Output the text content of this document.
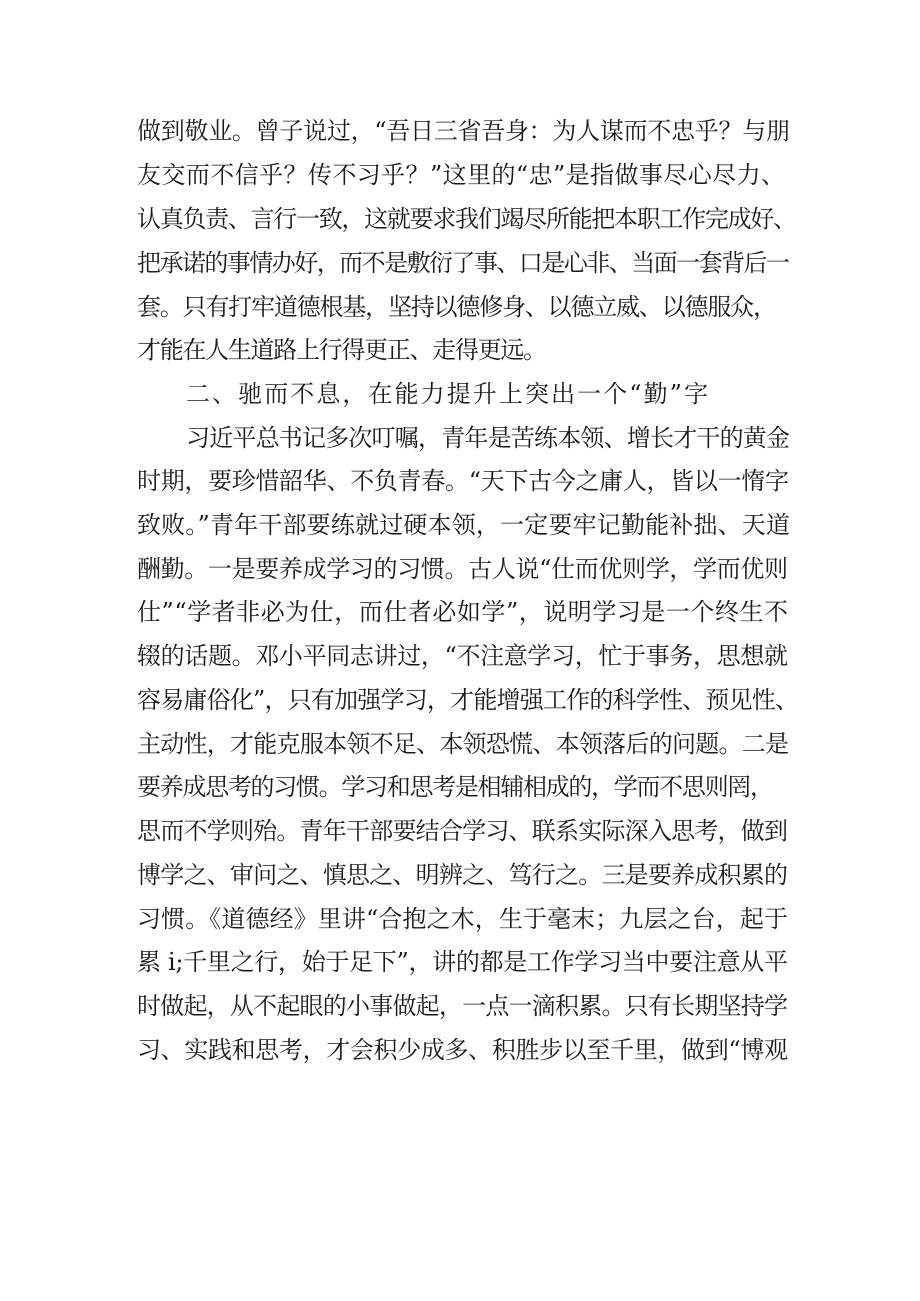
做到敬业。曾子说过，“吾日三省吾身：为人谋而不忠乎？与朋
友交而不信乎？传不习乎？”这里的“忠”是指做事尽心尽力、
认真负责、言行一致，这就要求我们竭尽所能把本职工作完成好、
把承诺的事情办好，而不是敷衍了事、口是心非、当面一套背后一
套。只有打牢道德根基，坚持以德修身、以德立威、以德服众，
才能在人生道路上行得更正、走得更远。
二、驰而不息，在能力提升上突出一个“勤”字
习近平总书记多次叮嘱，青年是苦练本领、增长才干的黄金
时期，要珍惜韶华、不负青春。“天下古今之庸人，皆以一惰字
致败。”青年干部要练就过硬本领，一定要牢记勤能补拙、天道
酬勤。一是要养成学习的习惯。古人说“仕而优则学，学而优则
仕”“学者非必为仕，而仕者必如学”，说明学习是一个终生不
辍的话题。邓小平同志讲过，“不注意学习，忙于事务，思想就
容易庸俗化”，只有加强学习，才能增强工作的科学性、预见性、
主动性，才能克服本领不足、本领恐慌、本领落后的问题。二是
要养成思考的习惯。学习和思考是相辅相成的，学而不思则罔，
思而不学则殆。青年干部要结合学习、联系实际深入思考，做到
博学之、审问之、慎思之、明辨之、笃行之。三是要养成积累的
习惯。《道德经》里讲“合抱之木，生于毫末；九层之台，起于
累 i;千里之行，始于足下”，讲的都是工作学习当中要注意从平
时做起，从不起眼的小事做起，一点一滴积累。只有长期坚持学
习、实践和思考，才会积少成多、积胜步以至千里，做到“博观
